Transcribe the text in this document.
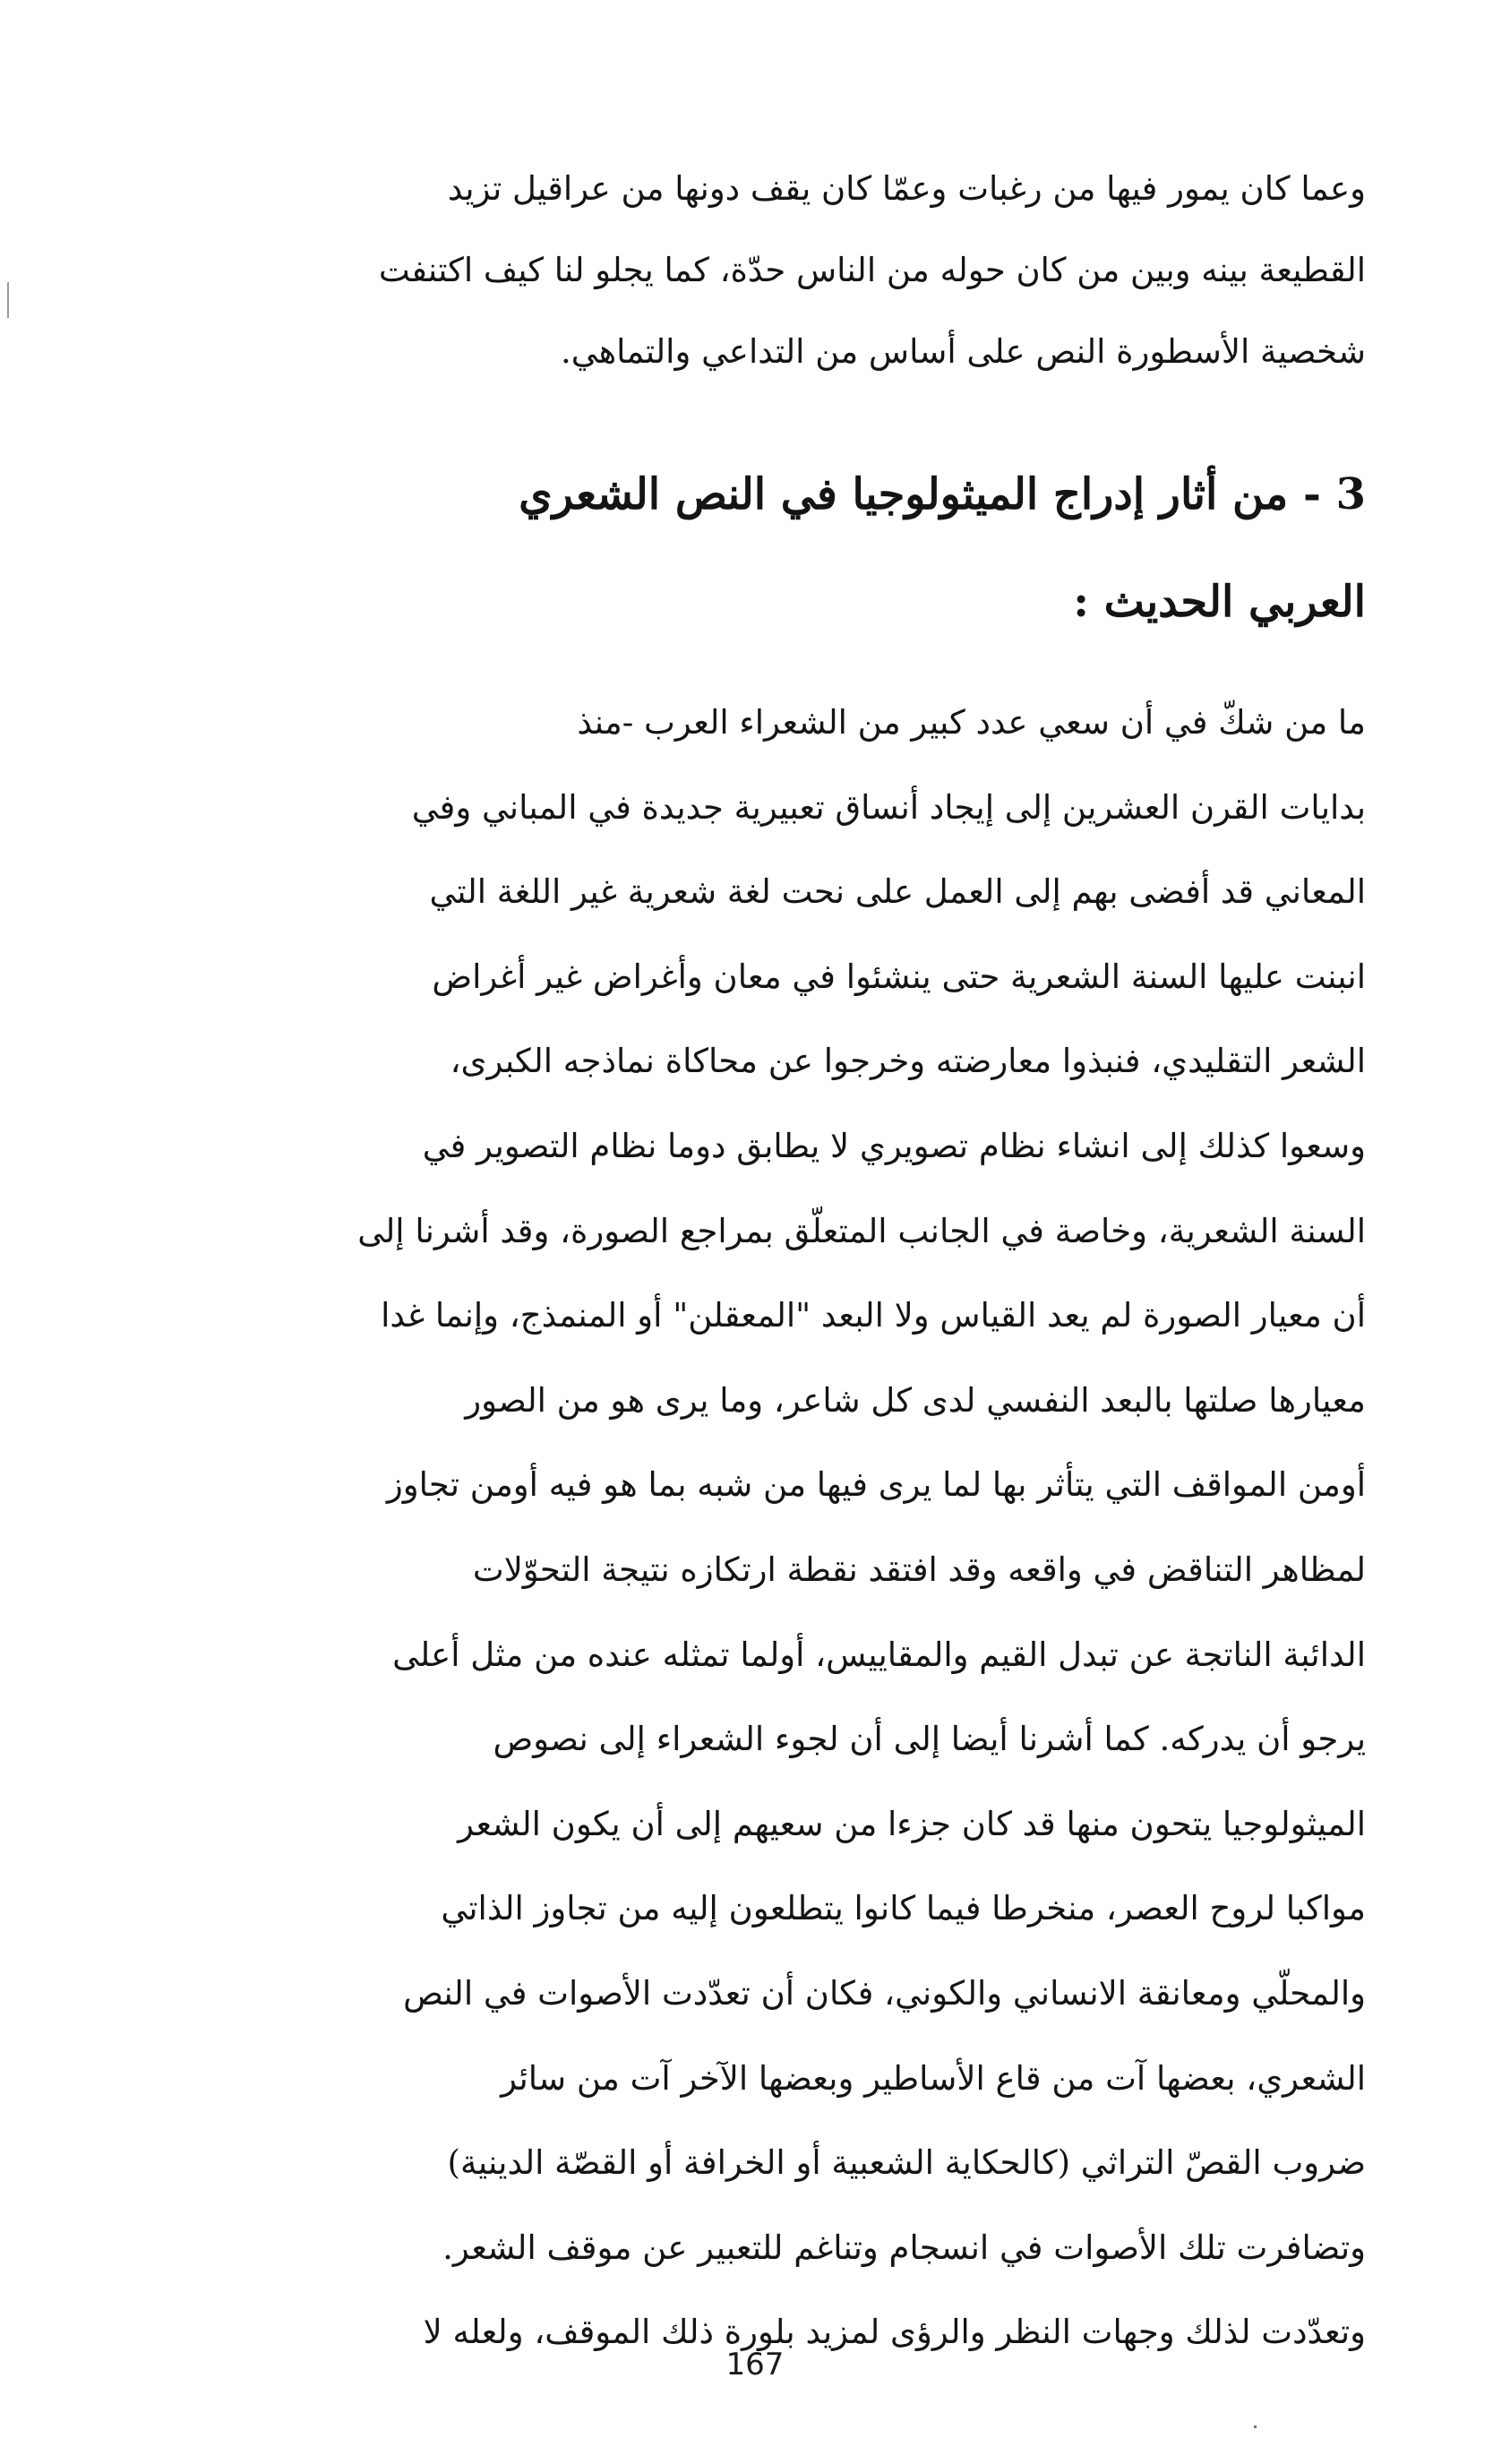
وعما كان يمور فيها من رغبات وعمّا كان يقف دونها من عراقيل تزيد
القطيعة بينه وبين من كان حوله من الناس حدّة، كما يجلو لنا كيف اكتنفت
شخصية الأسطورة النص على أساس من التداعي والتماهي.
3 - من أثار إدراج الميثولوجيا في النص الشعري
العربي الحديث :
ما من شكّ في أن سعي عدد كبير من الشعراء العرب -منذ
بدايات القرن العشرين إلى إيجاد أنساق تعبيرية جديدة في المباني وفي
المعاني قد أفضى بهم إلى العمل على نحت لغة شعرية غير اللغة التي
انبنت عليها السنة الشعرية حتى ينشئوا في معان وأغراض غير أغراض
الشعر التقليدي، فنبذوا معارضته وخرجوا عن محاكاة نماذجه الكبرى،
وسعوا كذلك إلى انشاء نظام تصويري لا يطابق دوما نظام التصوير في
السنة الشعرية، وخاصة في الجانب المتعلّق بمراجع الصورة، وقد أشرنا إلى
أن معيار الصورة لم يعد القياس ولا البعد "المعقلن" أو المنمذج، وإنما غدا
معيارها صلتها بالبعد النفسي لدى كل شاعر، وما يرى هو من الصور
أومن المواقف التي يتأثر بها لما يرى فيها من شبه بما هو فيه أومن تجاوز
لمظاهر التناقض في واقعه وقد افتقد نقطة ارتكازه نتيجة التحوّلات
الدائبة الناتجة عن تبدل القيم والمقاييس، أولما تمثله عنده من مثل أعلى
يرجو أن يدركه. كما أشرنا أيضا إلى أن لجوء الشعراء إلى نصوص
الميثولوجيا يتحون منها قد كان جزءا من سعيهم إلى أن يكون الشعر
مواكبا لروح العصر، منخرطا فيما كانوا يتطلعون إليه من تجاوز الذاتي
والمحلّي ومعانقة الانساني والكوني، فكان أن تعدّدت الأصوات في النص
الشعري، بعضها آت من قاع الأساطير وبعضها الآخر آت من سائر
ضروب القصّ التراثي (كالحكاية الشعبية أو الخرافة أو القصّة الدينية)
وتضافرت تلك الأصوات في انسجام وتناغم للتعبير عن موقف الشعر.
وتعدّدت لذلك وجهات النظر والرؤى لمزيد بلورة ذلك الموقف، ولعله لا
167
